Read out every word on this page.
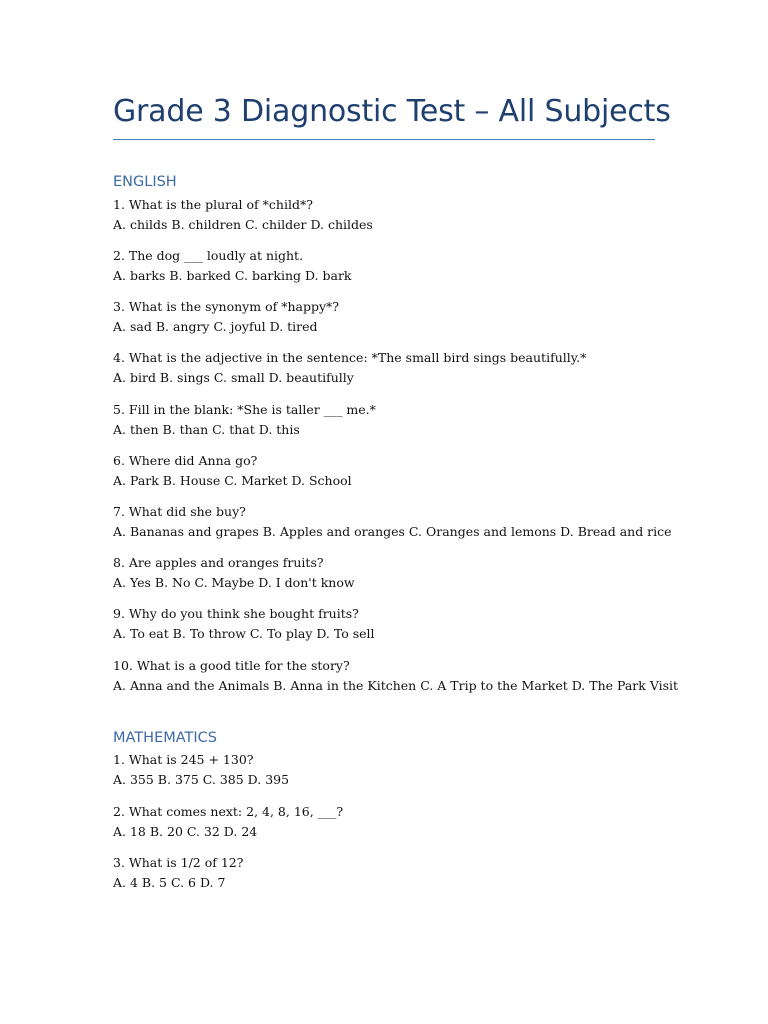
Grade 3 Diagnostic Test – All Subjects
ENGLISH
1. What is the plural of *child*?
A. childs B. children C. childer D. childes
2. The dog ___ loudly at night.
A. barks B. barked C. barking D. bark
3. What is the synonym of *happy*?
A. sad B. angry C. joyful D. tired
4. What is the adjective in the sentence: *The small bird sings beautifully.*
A. bird B. sings C. small D. beautifully
5. Fill in the blank: *She is taller ___ me.*
A. then B. than C. that D. this
6. Where did Anna go?
A. Park B. House C. Market D. School
7. What did she buy?
A. Bananas and grapes B. Apples and oranges C. Oranges and lemons D. Bread and rice
8. Are apples and oranges fruits?
A. Yes B. No C. Maybe D. I don't know
9. Why do you think she bought fruits?
A. To eat B. To throw C. To play D. To sell
10. What is a good title for the story?
A. Anna and the Animals B. Anna in the Kitchen C. A Trip to the Market D. The Park Visit
MATHEMATICS
1. What is 245 + 130?
A. 355 B. 375 C. 385 D. 395
2. What comes next: 2, 4, 8, 16, ___?
A. 18 B. 20 C. 32 D. 24
3. What is 1/2 of 12?
A. 4 B. 5 C. 6 D. 7
